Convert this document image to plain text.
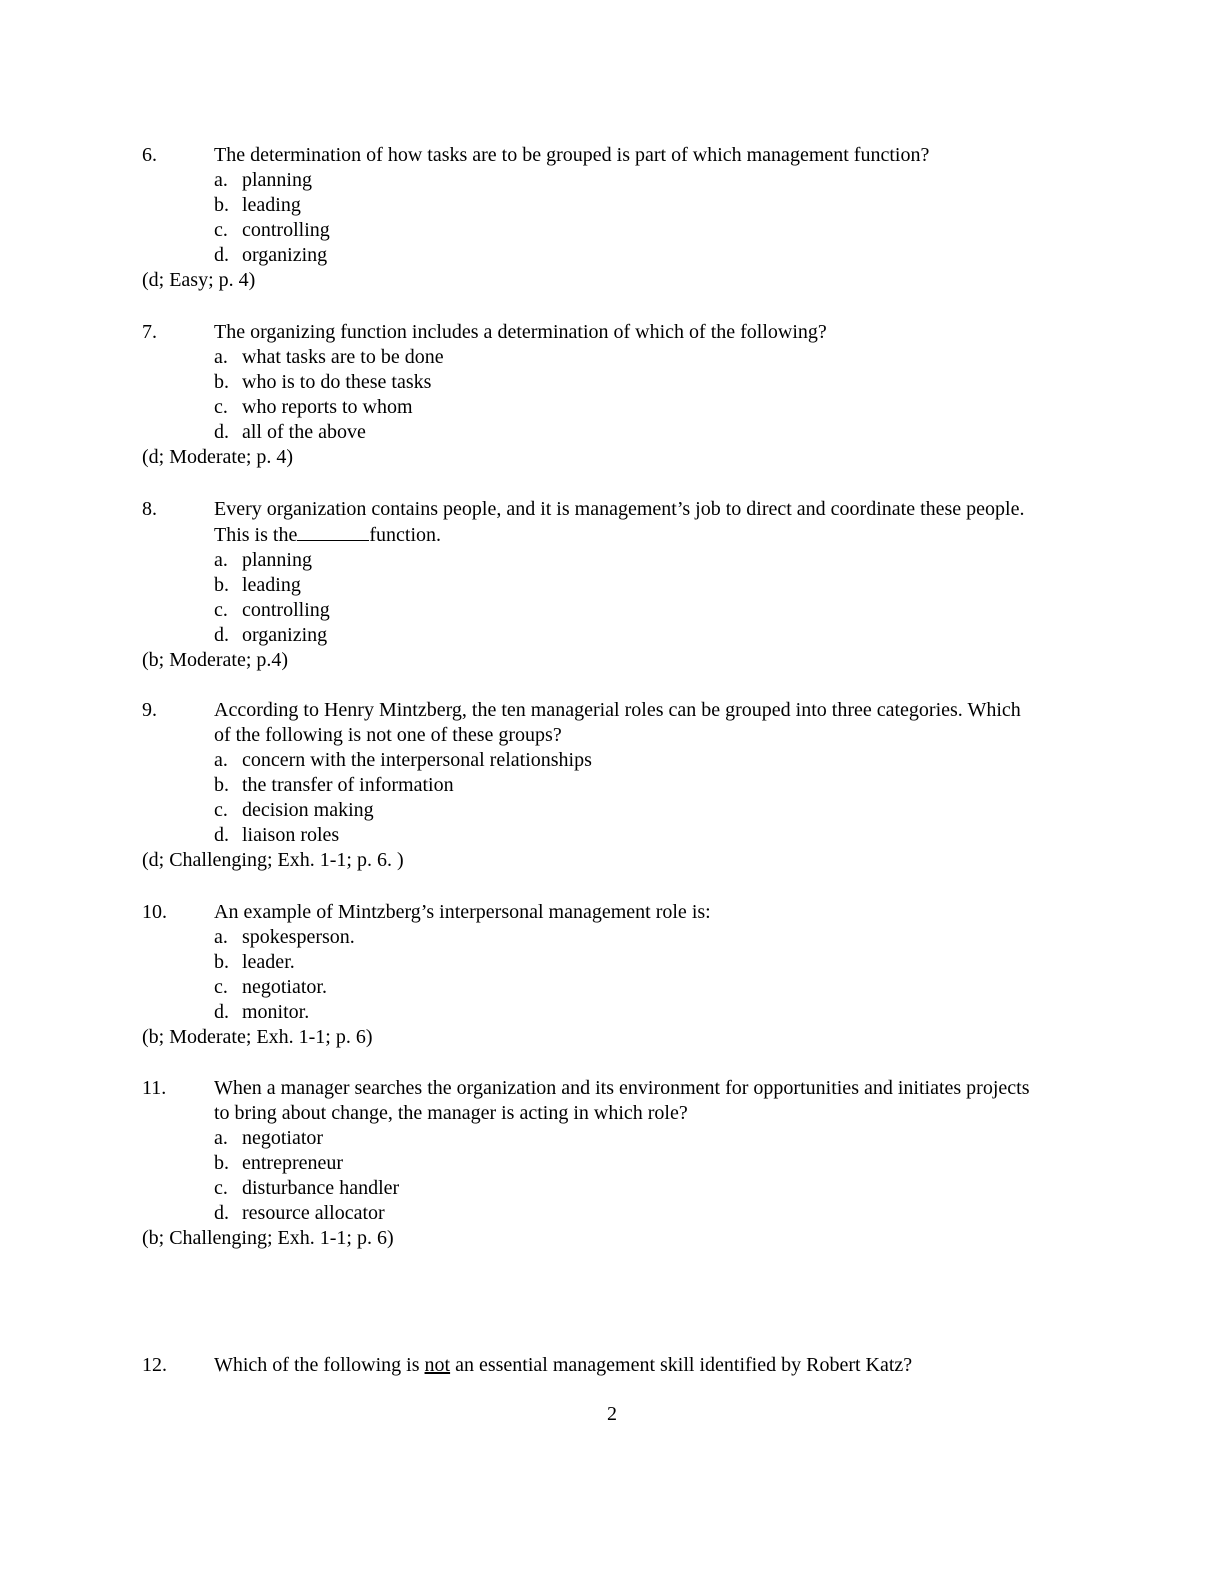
6.	The determination of how tasks are to be grouped is part of which management function?
a. planning
b. leading
c. controlling
d. organizing
(d; Easy; p. 4)
7.	The organizing function includes a determination of which of the following?
a. what tasks are to be done
b. who is to do these tasks
c. who reports to whom
d. all of the above
(d; Moderate; p. 4)
8.	Every organization contains people, and it is management’s job to direct and coordinate these people.
This is the	function.
a. planning
b. leading
c. controlling
d. organizing
(b; Moderate; p.4)
9.	According to Henry Mintzberg, the ten managerial roles can be grouped into three categories. Which
of the following is not one of these groups?
a. concern with the interpersonal relationships
b. the transfer of information
c. decision making
d. liaison roles
(d; Challenging; Exh. 1-1; p. 6. )
10. An example of Mintzberg’s interpersonal management role is:
a. spokesperson.
b. leader.
c. negotiator.
d. monitor.
(b; Moderate; Exh. 1-1; p. 6)
11. When a manager searches the organization and its environment for opportunities and initiates projects
to bring about change, the manager is acting in which role?
a. negotiator
b. entrepreneur
c. disturbance handler
d. resource allocator
(b; Challenging; Exh. 1-1; p. 6)
12. Which of the following is not an essential management skill identified by Robert Katz?
2
